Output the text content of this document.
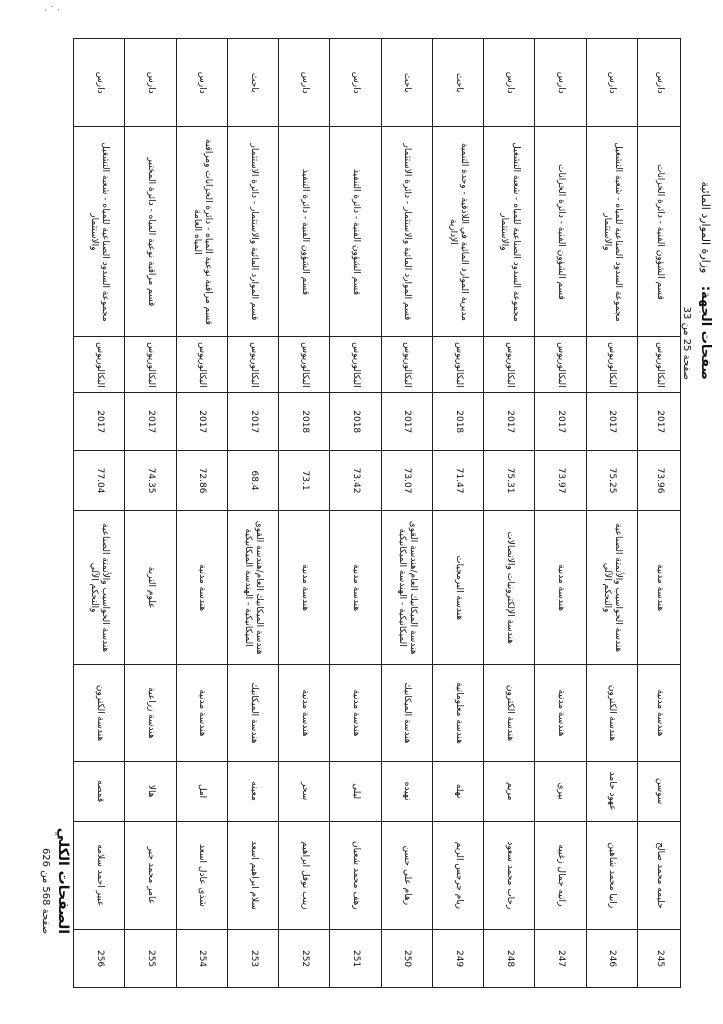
· ˙ ·
صفحات الجهة: وزارة الموارد المائية
صفحة 25 من 33
245	حليمه محمد صالح	سوسن	هندسة مدنية	هندسة مدنية	73.96	2017	البكالوريوس	قسم الشؤون الفنية - دائرة الخزانات	دارس
246	رانيا محمد شاهين	عهود حامد	هندسة الكترون	هندسة الحواسيب والأتمتة الصناعية والتحكم الآلي	75.25	2017	البكالوريوس	مجموعة السدود الصناعية للمياه - شعبة التشغيل والاستثمار	دارس
247	رانيه جمال زغيبه	بيري	هندسة مدنية	هندسة مدنية	73.97	2017	البكالوريوس	قسم الشؤون الفنية - دائرة الخزانات	دارس
248	رحاب محمد سعود	مريم	هندسة الكترون	هندسة الإلكترونيات والاتصالات	75.31	2017	البكالوريوس	مجموعة السدود الصناعية للمياه - شعبة التشغيل والاستثمار	دارس
249	ريام جرجس الريم	نهله	هندسة معلوماتية	هندسة البرمجيات	71.47	2018	البكالوريوس	مديرية الموارد المائية في اللاذقية - وحدة التنمية الإدارية	باحث
250	رهام علي حسن	نهيده	هندسة الميكانيك	هندسة الميكانيك العام/هندسة القوى الميكانيكية - الهندسة الميكانيكية	73.07	2017	البكالوريوس	قسم الموارد المائية والاستثمار - دائرة الاستثمار	باحث
251	رهف محمد شعبان	ليلى	هندسة مدنية	هندسة مدنية	73.42	2018	البكالوريوس	قسم الشؤون الفنية - دائرة التنفيذ	دارس
252	زينب نوفل ابراهيم	سحر	هندسة مدنية	هندسة مدنية	73.1	2018	البكالوريوس	قسم الشؤون الفنية - دائرة التنفيذ	دارس
253	سلام ابراهيم اسعد	معينه	هندسة الميكانيك	هندسة الميكانيك العام/هندسة القوى الميكانيكية - الهندسة الميكانيكية	68.4	2017	البكالوريوس	قسم الموارد المائية والاستثمار - دائرة الاستثمار	باحث
254	شذى عادل اسعد	امل	هندسة مدنية	هندسة مدنية	72.86	2017	البكالوريوس	قسم مراقبة نوعية المياه - دائرة الخزانات ومراقبة المياه العامة	دارس
255	عامر محمد جبر	هالا	هندسة زراعية	علوم التربة	74.35	2017	البكالوريوس	قسم مراقبة نوعية المياه - دائرة المختبر	دارس
256	عبير احمد سلامه	قمصه	هندسة الكترون	هندسة الحواسيب والأتمتة الصناعية والتحكم الآلي	77.04	2017	البكالوريوس	مجموعة السدود الصناعية للمياه - شعبة التشغيل والاستثمار	دارس
الصفحات الكلي
صفحة 568 من 626
